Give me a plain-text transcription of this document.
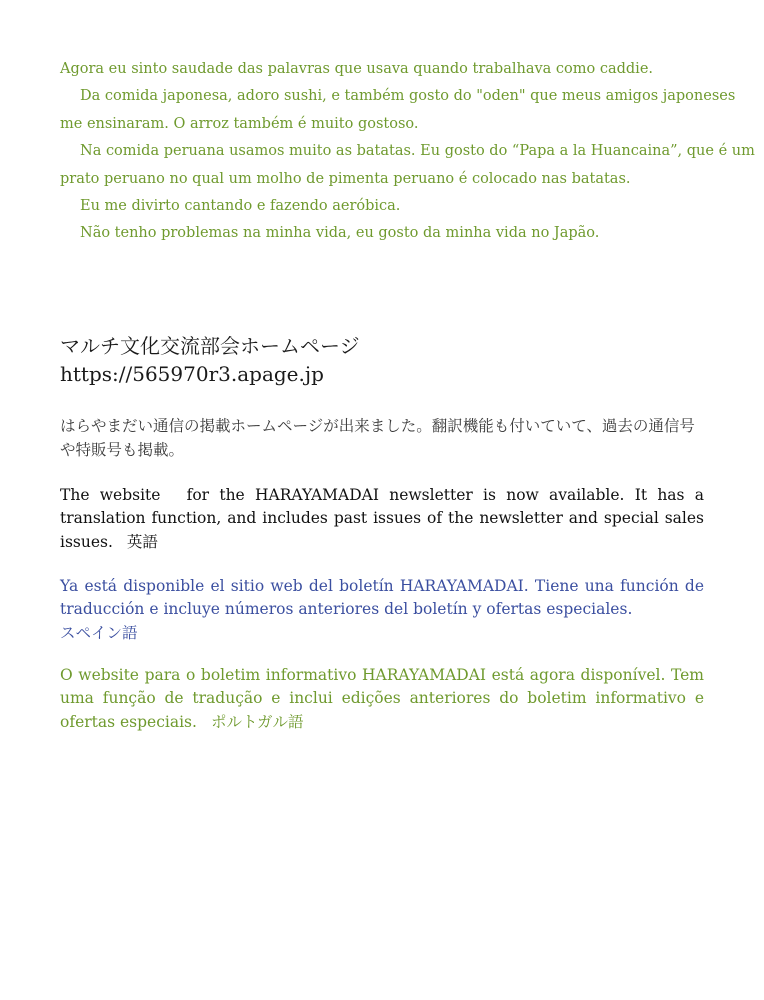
Agora eu sinto saudade das palavras que usava quando trabalhava como caddie.
Da comida japonesa, adoro sushi, e também gosto do "oden" que meus amigos japoneses
me ensinaram. O arroz também é muito gostoso.
Na comida peruana usamos muito as batatas. Eu gosto do “Papa a la Huancaina”, que é um
prato peruano no qual um molho de pimenta peruano é colocado nas batatas.
Eu me divirto cantando e fazendo aeróbica.
Não tenho problemas na minha vida, eu gosto da minha vida no Japão.
マルチ文化交流部会ホームページ
https://565970r3.apage.jp
はらやまだい通信の掲載ホームページが出来ました。翻訳機能も付いていて、過去の通信号や特販号も掲載。
The website　for the HARAYAMADAI newsletter is now available. It has a translation function, and includes past issues of the newsletter and special sales issues. 英語
Ya está disponible el sitio web del boletín HARAYAMADAI. Tiene una función de traducción e incluye números anteriores del boletín y ofertas especiales.
スペイン語
O website para o boletim informativo HARAYAMADAI está agora disponível. Tem uma função de tradução e inclui edições anteriores do boletim informativo e ofertas especiais. ポルトガル語
